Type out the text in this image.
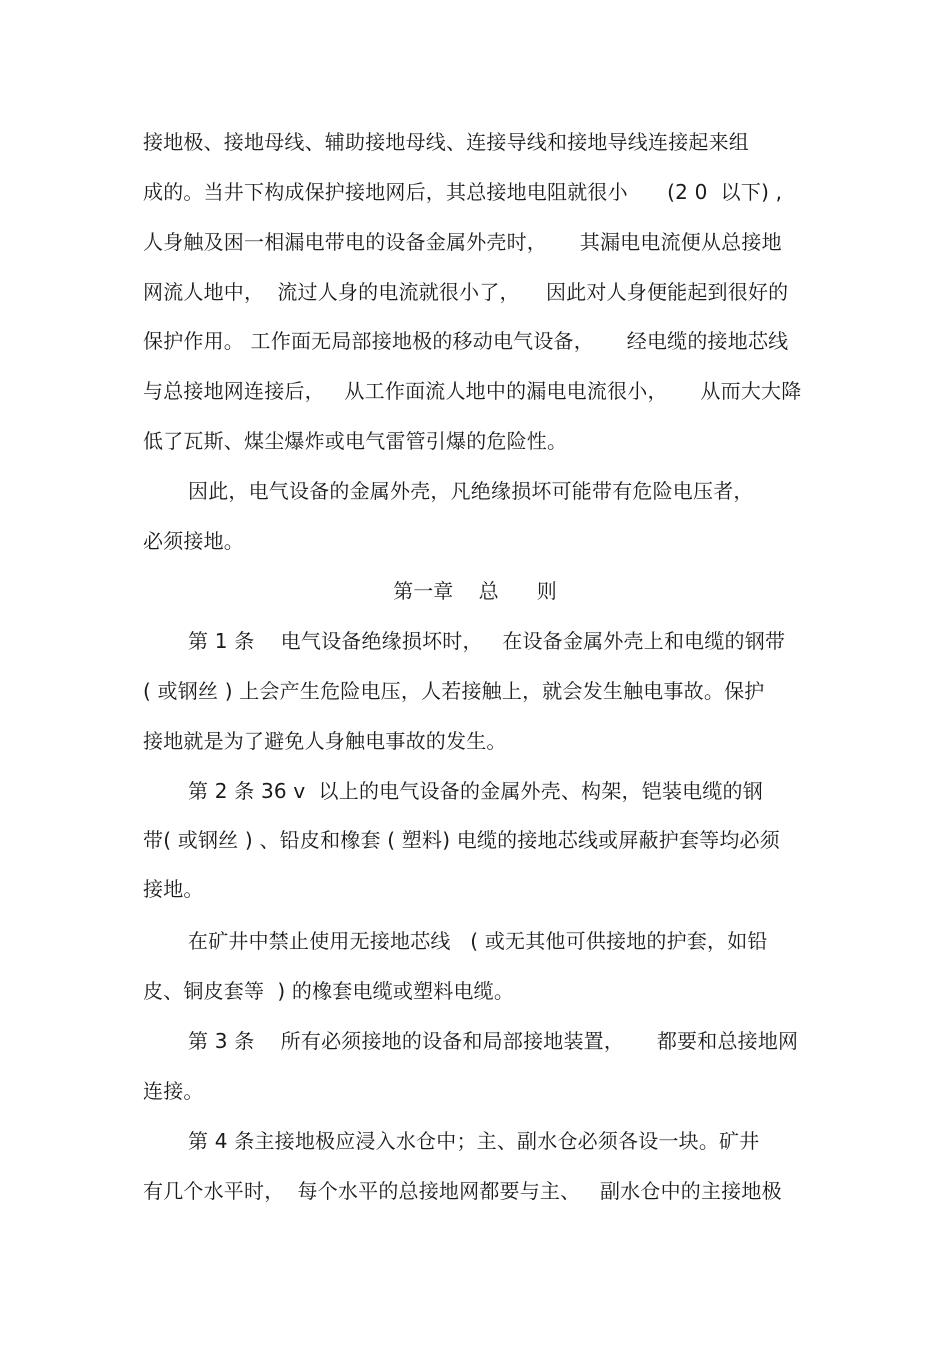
接地极、接地母线、辅助接地母线、连接导线和接地导线连接起来组
成的。当井下构成保护接地网后，其总接地电阻就很小      (2 0  以下) ,
人身触及困一相漏电带电的设备金属外壳时，     其漏电电流便从总接地
网流人地中，  流过人身的电流就很小了，    因此对人身便能起到很好的
保护作用。 工作面无局部接地极的移动电气设备，     经电缆的接地芯线
与总接地网连接后，   从工作面流人地中的漏电电流很小，     从而大大降
低了瓦斯、煤尘爆炸或电气雷管引爆的危险性。
因此，电气设备的金属外壳，凡绝缘损坏可能带有危险电压者，
必须接地。
第一章    总      则
第 1 条    电气设备绝缘损坏时，   在设备金属外壳上和电缆的钢带
( 或钢丝 ) 上会产生危险电压，人若接触上，就会发生触电事故。保护
接地就是为了避免人身触电事故的发生。
第 2 条 36 v  以上的电气设备的金属外壳、构架，铠装电缆的钢
带( 或钢丝 ) 、铅皮和橡套 ( 塑料) 电缆的接地芯线或屏蔽护套等均必须
接地。
在矿井中禁止使用无接地芯线   ( 或无其他可供接地的护套，如铅
皮、铜皮套等  ) 的橡套电缆或塑料电缆。
第 3 条    所有必须接地的设备和局部接地装置，     都要和总接地网
连接。
第 4 条主接地极应浸入水仓中；主、副水仓必须各设一块。矿井
有几个水平时，  每个水平的总接地网都要与主、   副水仓中的主接地极
